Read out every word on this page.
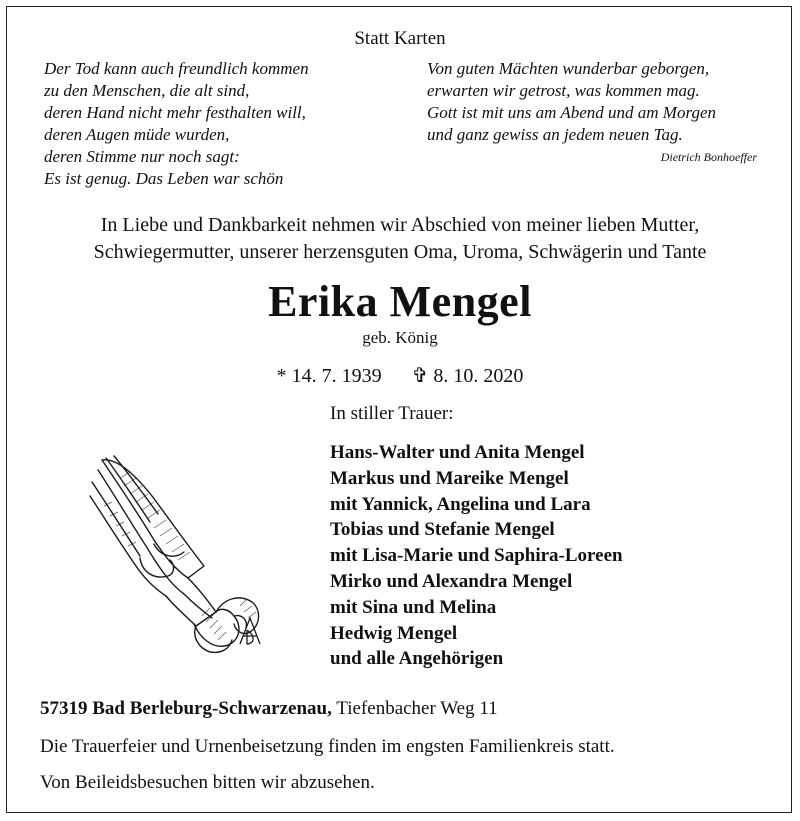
Statt Karten
Der Tod kann auch freundlich kommen
zu den Menschen, die alt sind,
deren Hand nicht mehr festhalten will,
deren Augen müde wurden,
deren Stimme nur noch sagt:
Es ist genug. Das Leben war schön
Von guten Mächten wunderbar geborgen,
erwarten wir getrost, was kommen mag.
Gott ist mit uns am Abend und am Morgen
und ganz gewiss an jedem neuen Tag.
Dietrich Bonhoeffer
In Liebe und Dankbarkeit nehmen wir Abschied von meiner lieben Mutter,
Schwiegermutter, unserer herzensguten Oma, Uroma, Schwägerin und Tante
Erika Mengel
geb. König
* 14. 7. 1939 ✞ 8. 10. 2020
In stiller Trauer:
Hans-Walter und Anita Mengel
Markus und Mareike Mengel
mit Yannick, Angelina und Lara
Tobias und Stefanie Mengel
mit Lisa-Marie und Saphira-Loreen
Mirko und Alexandra Mengel
mit Sina und Melina
Hedwig Mengel
und alle Angehörigen
57319 Bad Berleburg-Schwarzenau, Tiefenbacher Weg 11
Die Trauerfeier und Urnenbeisetzung finden im engsten Familienkreis statt.
Von Beileidsbesuchen bitten wir abzusehen.
